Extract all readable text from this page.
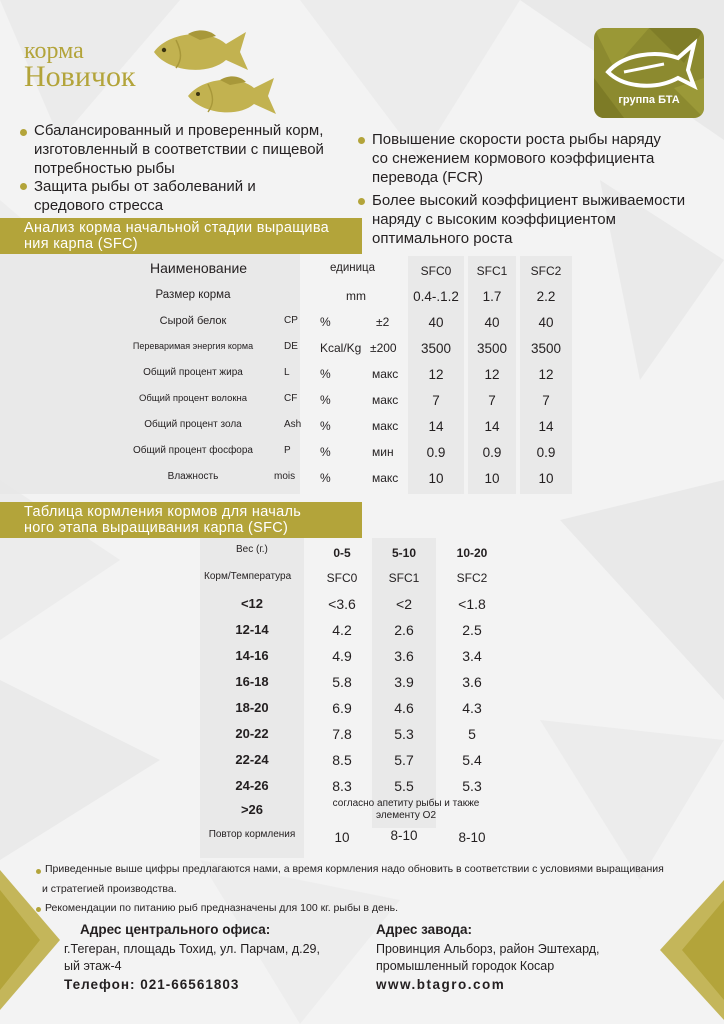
корма
Новичок
группа БТА
Сбалансированный и проверенный корм,
изготовленный в соответствии с пищевой
потребностью рыбы
Защита рыбы от заболеваний и
средового стресса
Повышение скорости роста рыбы наряду
со снежением кормового коэффициента
перевода (FCR)
Более высокий коэффициент выживаемости
наряду с высоким коэффициентом
оптимального роста
Анализ корма начальной стадии выращива
ния карпа (SFC)
Наименование	единица	SFC0	SFC1	SFC2
Размер корма	mm	0.4-.1.2	1.7	2.2
Сырой белок	CP %	±2	40	40	40
Переваримая энергия корма	DE Kcal/Kg ±200	3500	3500	3500
Общий процент жира	L	%	макс	12	12	12
Общий процент волокна	CF %	макс	7	7	7
Общий процент зола	Ash %	макс	14	14	14
Общий процент фосфора	P %	мин	0.9	0.9	0.9
Влажность	mois %	макс	10	10	10
Таблица кормления кормов для началь
ного этапа выращивания карпа (SFC)
Вес (г.)	0-5	5-10	10-20
Корм/Температура	SFC0	SFC1	SFC2
<12	<3.6	<2	<1.8
12-14	4.2	2.6	2.5
14-16	4.9	3.6	3.4
16-18	5.8	3.9	3.6
18-20	6.9	4.6	4.3
20-22	7.8	5.3	5
22-24	8.5	5.7	5.4
24-26	8.3	5.5	5.3
>26	согласно апетиту рыбы и также
элементу O2
Повтор кормления	10	8-10	8-10
Приведенные выше цифры предлагаются нами, а время кормления надо обновить в соответствии с условиями выращивания
и стратегией производства.
Рекомендации по питанию рыб предназначены для 100 кг. рыбы в день.
Адрес центрального офиса:
г.Тегеран, площадь Тохид, ул. Парчам, д.29,
ый этаж-4
Телефон: 021-66561803
Адрес завода:
Провинция Альборз, район Эштехард,
промышленный городок Косар
www.btagro.com
